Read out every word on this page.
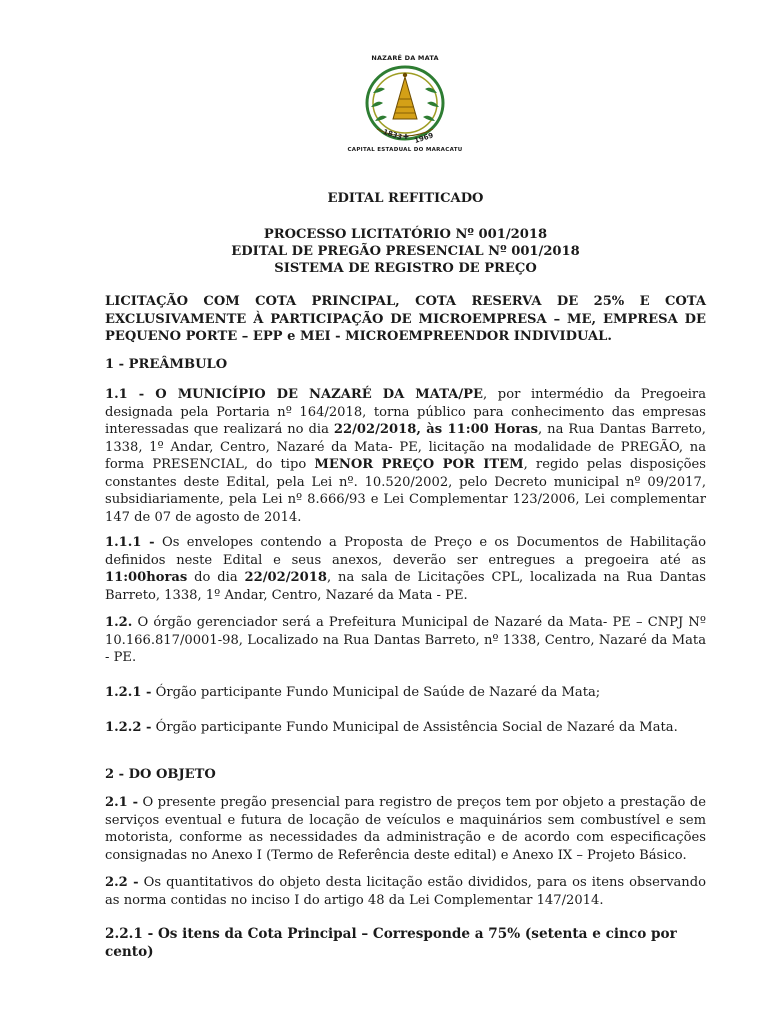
NAZARÉ DA MATA
1833 ✚ 1969
CAPITAL ESTADUAL DO MARACATU
EDITAL REFITICADO
PROCESSO LICITATÓRIO Nº 001/2018
EDITAL DE PREGÃO PRESENCIAL Nº 001/2018
SISTEMA DE REGISTRO DE PREÇO
LICITAÇÃO COM COTA PRINCIPAL, COTA RESERVA DE 25% E COTA EXCLUSIVAMENTE À PARTICIPAÇÃO DE MICROEMPRESA – ME, EMPRESA DE PEQUENO PORTE – EPP e MEI - MICROEMPREENDOR INDIVIDUAL.
1 - PREÂMBULO
1.1 - O MUNICÍPIO DE NAZARÉ DA MATA/PE, por intermédio da Pregoeira designada pela Portaria nº 164/2018, torna público para conhecimento das empresas interessadas que realizará no dia 22/02/2018, às 11:00 Horas, na Rua Dantas Barreto, 1338, 1º Andar, Centro, Nazaré da Mata- PE, licitação na modalidade de PREGÃO, na forma PRESENCIAL, do tipo MENOR PREÇO POR ITEM, regido pelas disposições constantes deste Edital, pela Lei nº. 10.520/2002, pelo Decreto municipal nº 09/2017, subsidiariamente, pela Lei nº 8.666/93 e Lei Complementar 123/2006, Lei complementar 147 de 07 de agosto de 2014.
1.1.1 - Os envelopes contendo a Proposta de Preço e os Documentos de Habilitação definidos neste Edital e seus anexos, deverão ser entregues a pregoeira até as 11:00horas do dia 22/02/2018, na sala de Licitações CPL, localizada na Rua Dantas Barreto, 1338, 1º Andar, Centro, Nazaré da Mata - PE.
1.2. O órgão gerenciador será a Prefeitura Municipal de Nazaré da Mata- PE – CNPJ Nº 10.166.817/0001-98, Localizado na Rua Dantas Barreto, nº 1338, Centro, Nazaré da Mata - PE.
1.2.1 - Órgão participante Fundo Municipal de Saúde de Nazaré da Mata;
1.2.2 - Órgão participante Fundo Municipal de Assistência Social de Nazaré da Mata.
2 - DO OBJETO
2.1 - O presente pregão presencial para registro de preços tem por objeto a prestação de serviços eventual e futura de locação de veículos e maquinários sem combustível e sem motorista, conforme as necessidades da administração e de acordo com especificações consignadas no Anexo I (Termo de Referência deste edital) e Anexo IX – Projeto Básico.
2.2 - Os quantitativos do objeto desta licitação estão divididos, para os itens observando as norma contidas no inciso I do artigo 48 da Lei Complementar 147/2014.
2.2.1 - Os itens da Cota Principal – Corresponde a 75% (setenta e cinco por cento)
